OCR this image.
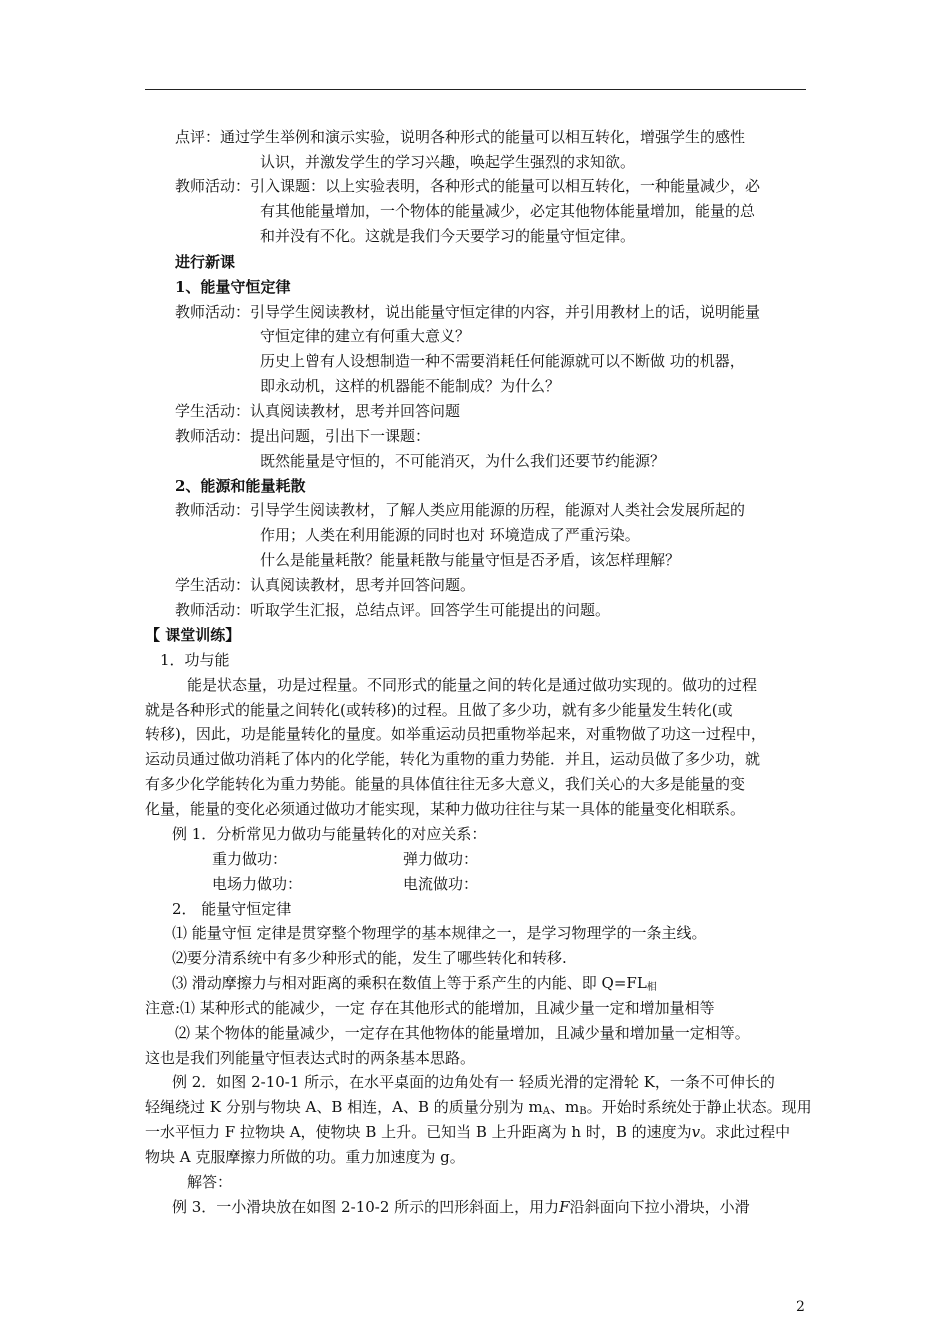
点评：通过学生举例和演示实验，说明各种形式的能量可以相互转化，增强学生的感性
认识，并激发学生的学习兴趣，唤起学生强烈的求知欲。
教师活动：引入课题：以上实验表明，各种形式的能量可以相互转化，一种能量减少，必
有其他能量增加，一个物体的能量减少，必定其他物体能量增加，能量的总
和并没有不化。这就是我们今天要学习的能量守恒定律。
进行新课
1、能量守恒定律
教师活动：引导学生阅读教材，说出能量守恒定律的内容，并引用教材上的话，说明能量
守恒定律的建立有何重大意义？
历史上曾有人设想制造一种不需要消耗任何能源就可以不断做 功的机器，
即永动机，这样的机器能不能制成？为什么？
学生活动：认真阅读教材，思考并回答问题
教师活动：提出问题，引出下一课题：
既然能量是守恒的，不可能消灭，为什么我们还要节约能源？
2、能源和能量耗散
教师活动：引导学生阅读教材，了解人类应用能源的历程，能源对人类社会发展所起的
作用；人类在利用能源的同时也对 环境造成了严重污染。
什么是能量耗散？能量耗散与能量守恒是否矛盾，该怎样理解？
学生活动：认真阅读教材，思考并回答问题。
教师活动：听取学生汇报，总结点评。回答学生可能提出的问题。
【 课堂训练】
1．功与能
能是状态量，功是过程量。不同形式的能量之间的转化是通过做功实现的。做功的过程
就是各种形式的能量之间转化(或转移)的过程。且做了多少功，就有多少能量发生转化(或
转移)，因此，功是能量转化的量度。如举重运动员把重物举起来，对重物做了功这一过程中，
运动员通过做功消耗了体内的化学能，转化为重物的重力势能．并且，运动员做了多少功，就
有多少化学能转化为重力势能。能量的具体值往往无多大意义，我们关心的大多是能量的变
化量，能量的变化必须通过做功才能实现，某种力做功往往与某一具体的能量变化相联系。
例 1．分析常见力做功与能量转化的对应关系：
重力做功：	弹力做功：
电场力做功：	电流做功：
2． 能量守恒定律
⑴ 能量守恒 定律是贯穿整个物理学的基本规律之一，是学习物理学的一条主线。
⑵要分清系统中有多少种形式的能，发生了哪些转化和转移.
⑶ 滑动摩擦力与相对距离的乘积在数值上等于系产生的内能、即 $Q=FL_相$
注意:⑴ 某种形式的能减少，一定 存在其他形式的能增加，且减少量一定和增加量相等
⑵ 某个物体的能量减少，一定存在其他物体的能量增加，且减少量和增加量一定相等。
这也是我们列能量守恒表达式时的两条基本思路。
例 2．如图 2-10-1 所示，在水平桌面的边角处有一 轻质光滑的定滑轮 K，一条不可伸长的
轻绳绕过 K 分别与物块 A、B 相连，A、B 的质量分别为 $m_A$、$m_B$。开始时系统处于静止状态。现用
一水平恒力 F 拉物块 A，使物块 B 上升。已知当 B 上升距离为 h 时，B 的速度为v。求此过程中
物块 A 克服摩擦力所做的功。重力加速度为 g。
解答：
例 3．一小滑块放在如图 2-10-2 所示的凹形斜面上，用力F沿斜面向下拉小滑块，小滑
2
